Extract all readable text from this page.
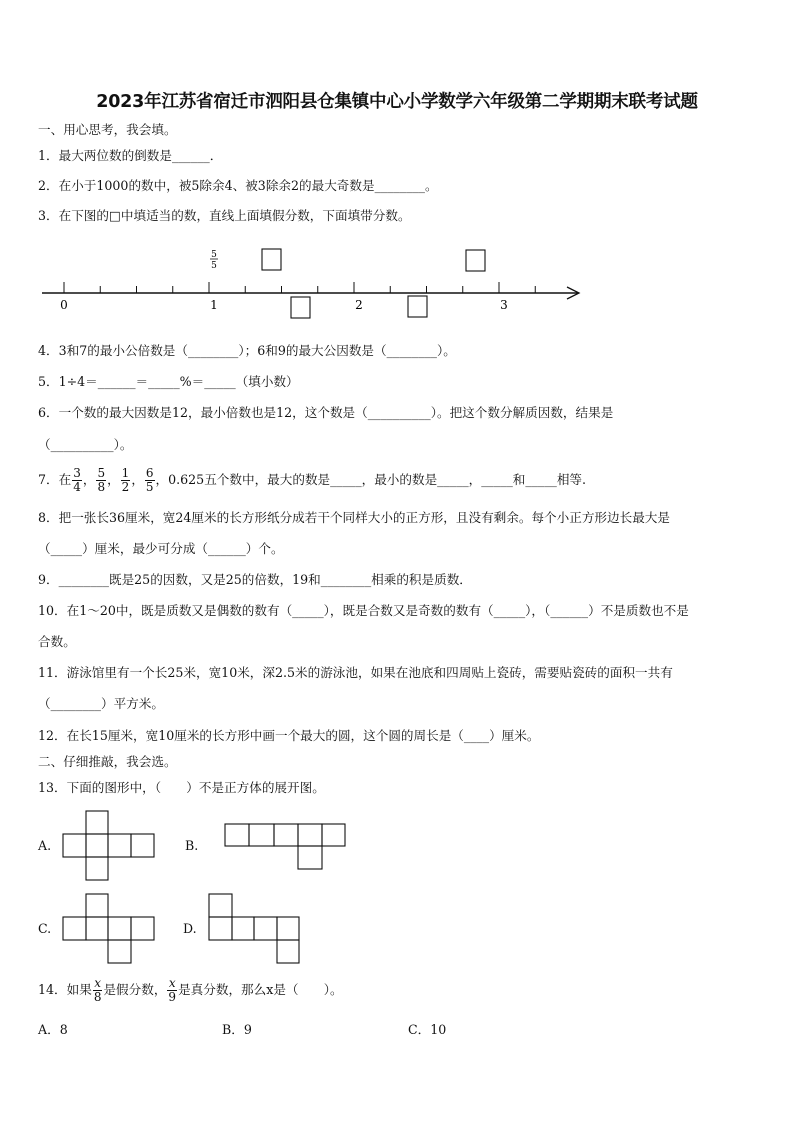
2023年江苏省宿迁市泗阳县仓集镇中心小学数学六年级第二学期期末联考试题
一、用心思考，我会填。
1．最大两位数的倒数是______．
2．在小于1000的数中，被5除余4、被3除余2的最大奇数是________。
3．在下图的□中填适当的数，直线上面填假分数，下面填带分数。
0	1	2	3
5
5
4．3和7的最小公倍数是（________）；6和9的最大公因数是（________）。
5．1÷4＝______＝_____%＝_____（填小数）
6．一个数的最大因数是12，最小倍数也是12，这个数是（__________）。把这个数分解质因数，结果是
（__________）。
7．在 $\frac{3}{4}$ ， $\frac{5}{8}$ ， $\frac{1}{2}$ ， $\frac{6}{5}$ ，0.625五个数中，最大的数是_____，最小的数是_____，_____和_____相等.
8．把一张长36厘米，宽24厘米的长方形纸分成若干个同样大小的正方形，且没有剩余。每个小正方形边长最大是
（_____）厘米，最少可分成（______）个。
9．________既是25的因数，又是25的倍数，19和________相乘的积是质数．
10．在1～20中，既是质数又是偶数的数有（_____），既是合数又是奇数的数有（_____），（______）不是质数也不是
合数。
11．游泳馆里有一个长25米，宽10米，深2.5米的游泳池，如果在池底和四周贴上瓷砖，需要贴瓷砖的面积一共有
（________）平方米。
12．在长15厘米，宽10厘米的长方形中画一个最大的圆，这个圆的周长是（____）厘米。
二、仔细推敲，我会选。
13．下面的图形中，（　　）不是正方体的展开图。
A.	B.
C.	D.
14．如果 $\frac{x}{8}$ 是假分数， $\frac{x}{9}$ 是真分数，那么x是（　　）。
A．8	B．9	C．10
